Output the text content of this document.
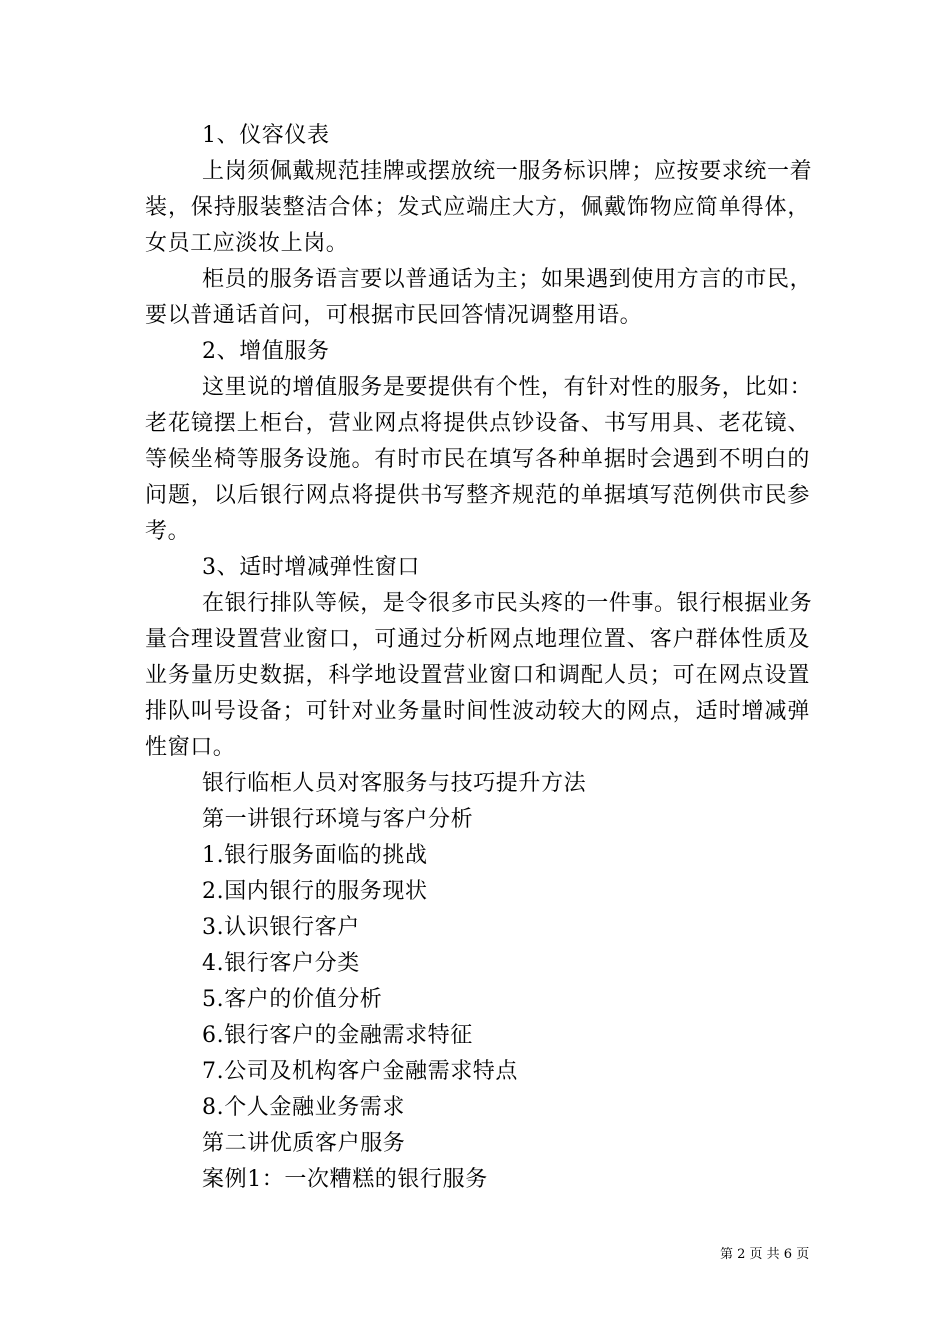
1、仪容仪表
上岗须佩戴规范挂牌或摆放统一服务标识牌；应按要求统一着
装，保持服装整洁合体；发式应端庄大方，佩戴饰物应简单得体，
女员工应淡妆上岗。
柜员的服务语言要以普通话为主；如果遇到使用方言的市民，
要以普通话首问，可根据市民回答情况调整用语。
2、增值服务
这里说的增值服务是要提供有个性，有针对性的服务，比如：
老花镜摆上柜台，营业网点将提供点钞设备、书写用具、老花镜、
等候坐椅等服务设施。有时市民在填写各种单据时会遇到不明白的
问题，以后银行网点将提供书写整齐规范的单据填写范例供市民参
考。
3、适时增减弹性窗口
在银行排队等候，是令很多市民头疼的一件事。银行根据业务
量合理设置营业窗口，可通过分析网点地理位置、客户群体性质及
业务量历史数据，科学地设置营业窗口和调配人员；可在网点设置
排队叫号设备；可针对业务量时间性波动较大的网点，适时增减弹
性窗口。
银行临柜人员对客服务与技巧提升方法
第一讲银行环境与客户分析
1.银行服务面临的挑战
2.国内银行的服务现状
3.认识银行客户
4.银行客户分类
5.客户的价值分析
6.银行客户的金融需求特征
7.公司及机构客户金融需求特点
8.个人金融业务需求
第二讲优质客户服务
案例1：一次糟糕的银行服务
第 2 页 共 6 页
